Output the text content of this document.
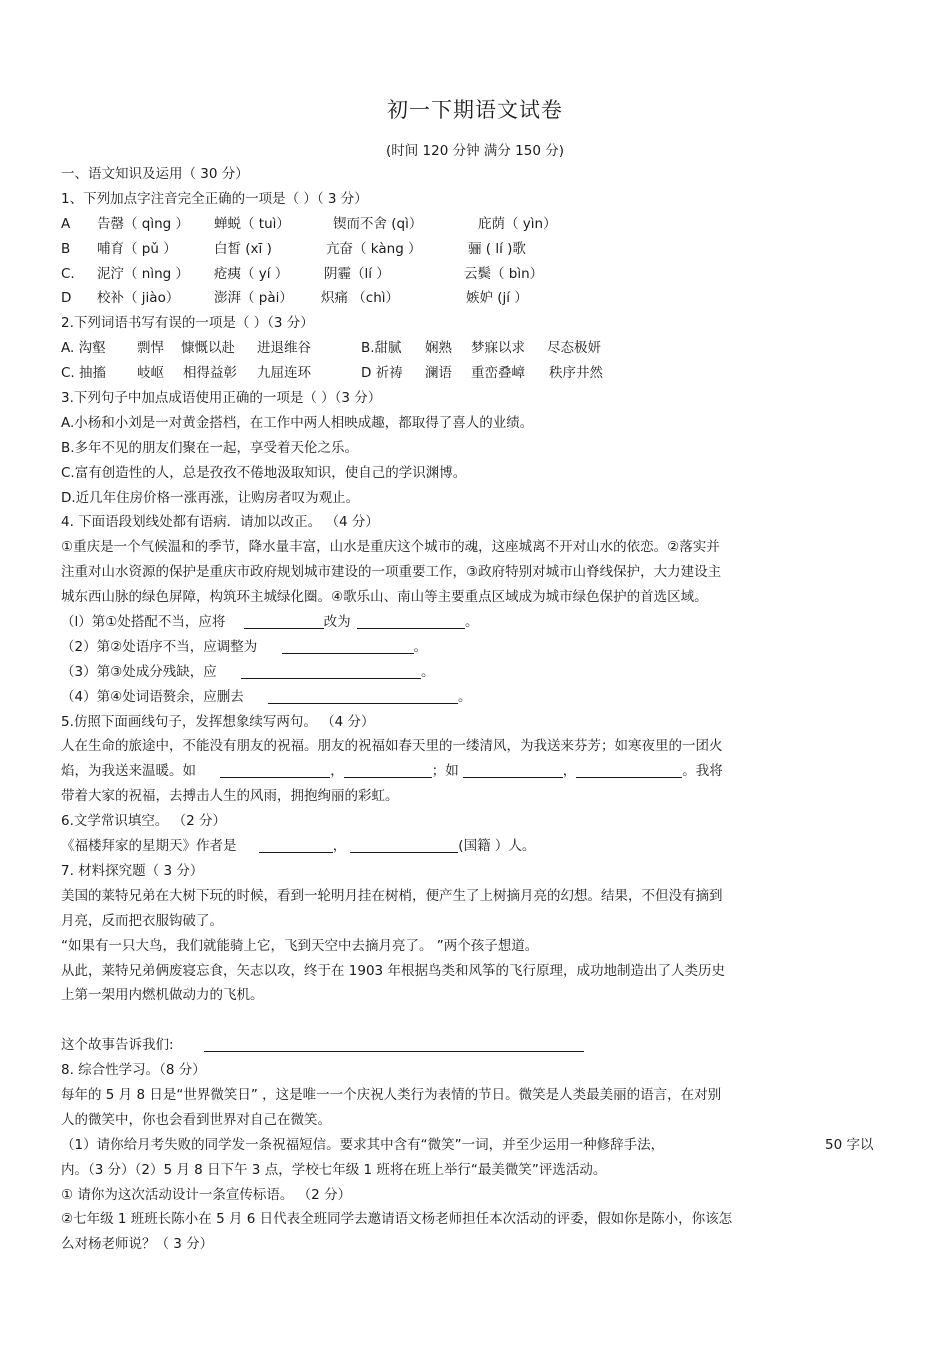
初一下期语文试卷
(时间 120 分钟 满分 150 分)
一、语文知识及运用（ 30 分）
1、下列加点字注音完全正确的一项是（ ）（ 3 分）
A 告罄（ qìng ） 蝉蜕（ tuì）	锲而不舍 (qì）	庇荫（ yìn）
B 哺育（ pǔ ）	白皙 (xī )	亢奋（ kàng ）	骊 ( lí )歌
C. 泥泞（ nìng ） 疮痍（ yí ）	阴霾（lí ）	云鬓（ bìn）
D 校补（ jiào）	澎湃（ pài） 炽痛 （chì）	嫉妒 (jí ）
2.下列词语书写有误的一项是（ ）（3 分）
A. 沟壑 剽悍 慷慨以赴 进退维谷	B.甜腻 娴熟 梦寐以求 尽态极妍
C. 抽搐 岐岖 相得益彰 九屈连环	D 祈祷 澜语 重峦叠嶂 秩序井然
3.下列句子中加点成语使用正确的一项是（ ）（3 分）
A.小杨和小刘是一对黄金搭档，在工作中两人相映成趣，都取得了喜人的业绩。
B.多年不见的朋友们聚在一起，享受着天伦之乐。
C.富有创造性的人，总是孜孜不倦地汲取知识，使自己的学识渊博。
D.近几年住房价格一涨再涨，让购房者叹为观止。
4. 下面语段划线处都有语病．请加以改正。 （4 分）
①重庆是一个气候温和的季节，降水量丰富，山水是重庆这个城市的魂，这座城离不开对山水的依恋。②落实并
注重对山水资源的保护是重庆市政府规划城市建设的一项重要工作，③政府特别对城市山脊线保护，大力建设主
城东西山脉的绿色屏障，构筑环主城绿化圈。④歌乐山、南山等主要重点区域成为城市绿色保护的首选区域。
（l）第①处搭配不当，应将	改为	。
（2）第②处语序不当，应调整为	。
（3）第③处成分残缺，应	。
（4）第④处词语赘余，应删去	。
5.仿照下面画线句子，发挥想象续写两句。 （4 分）
人在生命的旅途中，不能没有朋友的祝福。朋友的祝福如春天里的一缕清风，为我送来芬芳；如寒夜里的一团火
焰，为我送来温暖。如	，	；如	，	。我将
带着大家的祝福，去搏击人生的风雨，拥抱绚丽的彩虹。
6.文学常识填空。 （2 分）
《福楼拜家的星期天》作者是	，	(国籍 ）人。
7. 材料探究题（ 3 分）
美国的莱特兄弟在大树下玩的时候，看到一轮明月挂在树梢，便产生了上树摘月亮的幻想。结果，不但没有摘到
月亮，反而把衣服钩破了。
“如果有一只大鸟，我们就能骑上它，飞到天空中去摘月亮了。 ”两个孩子想道。
从此，莱特兄弟俩废寝忘食，矢志以攻，终于在 1903 年根据鸟类和风筝的飞行原理，成功地制造出了人类历史
上第一架用内燃机做动力的飞机。
这个故事告诉我们:
8. 综合性学习。（8 分）
每年的 5 月 8 日是“世界微笑日” ，这是唯一一个庆祝人类行为表情的节日。微笑是人类最美丽的语言，在对别
人的微笑中，你也会看到世界对自己在微笑。
（1）请你给月考失败的同学发一条祝福短信。要求其中含有“微笑”一词，并至少运用一种修辞手法，	50 字以
内。（3 分）（2）5 月 8 日下午 3 点，学校七年级 1 班将在班上举行“最美微笑”评选活动。
① 请你为这次活动设计一条宣传标语。 （2 分）
②七年级 1 班班长陈小在 5 月 6 日代表全班同学去邀请语文杨老师担任本次活动的评委，假如你是陈小，你该怎
么对杨老师说？（ 3 分）
